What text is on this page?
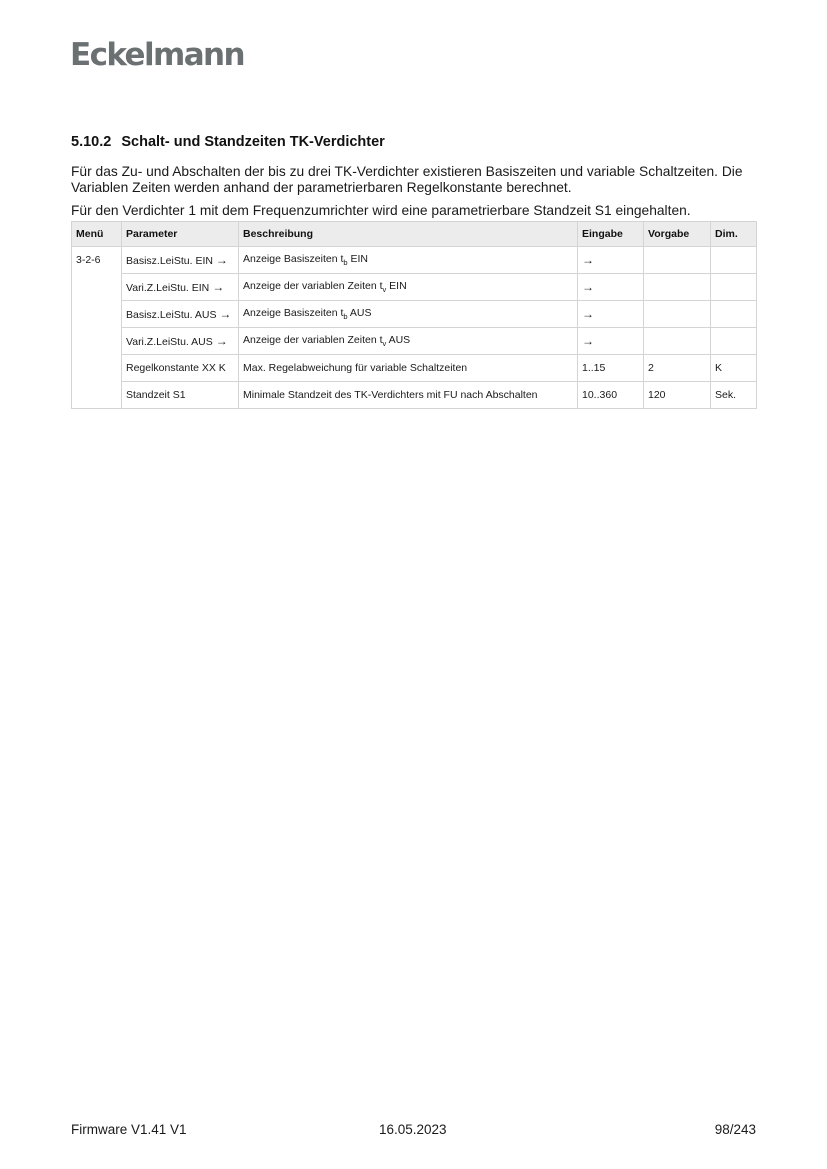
Eckelmann
5.10.2 Schalt- und Standzeiten TK-Verdichter

Für das Zu- und Abschalten der bis zu drei TK-Verdichter existieren Basiszeiten und variable Schaltzeiten. Die Variablen Zeiten werden anhand der parametrierbaren Regelkonstante berechnet.

Für den Verdichter 1 mit dem Frequenzumrichter wird eine parametrierbare Standzeit S1 eingehalten.

Menü	Parameter	Beschreibung	Eingabe	Vorgabe	Dim.
3-2-6	Basisz.LeiStu. EIN →	Anzeige Basiszeiten $t_b$ EIN	→		
	Vari.Z.LeiStu. EIN →	Anzeige der variablen Zeiten $t_v$ EIN	→		
	Basisz.LeiStu. AUS →	Anzeige Basiszeiten $t_b$ AUS	→		
	Vari.Z.LeiStu. AUS →	Anzeige der variablen Zeiten $t_v$ AUS	→		
	Regelkonstante XX K	Max. Regelabweichung für variable Schaltzeiten	1..15	2	K
	Standzeit S1	Minimale Standzeit des TK-Verdichters mit FU nach Abschalten	10..360	120	Sek.
Firmware V1.41 V1	16.05.2023	98/243
